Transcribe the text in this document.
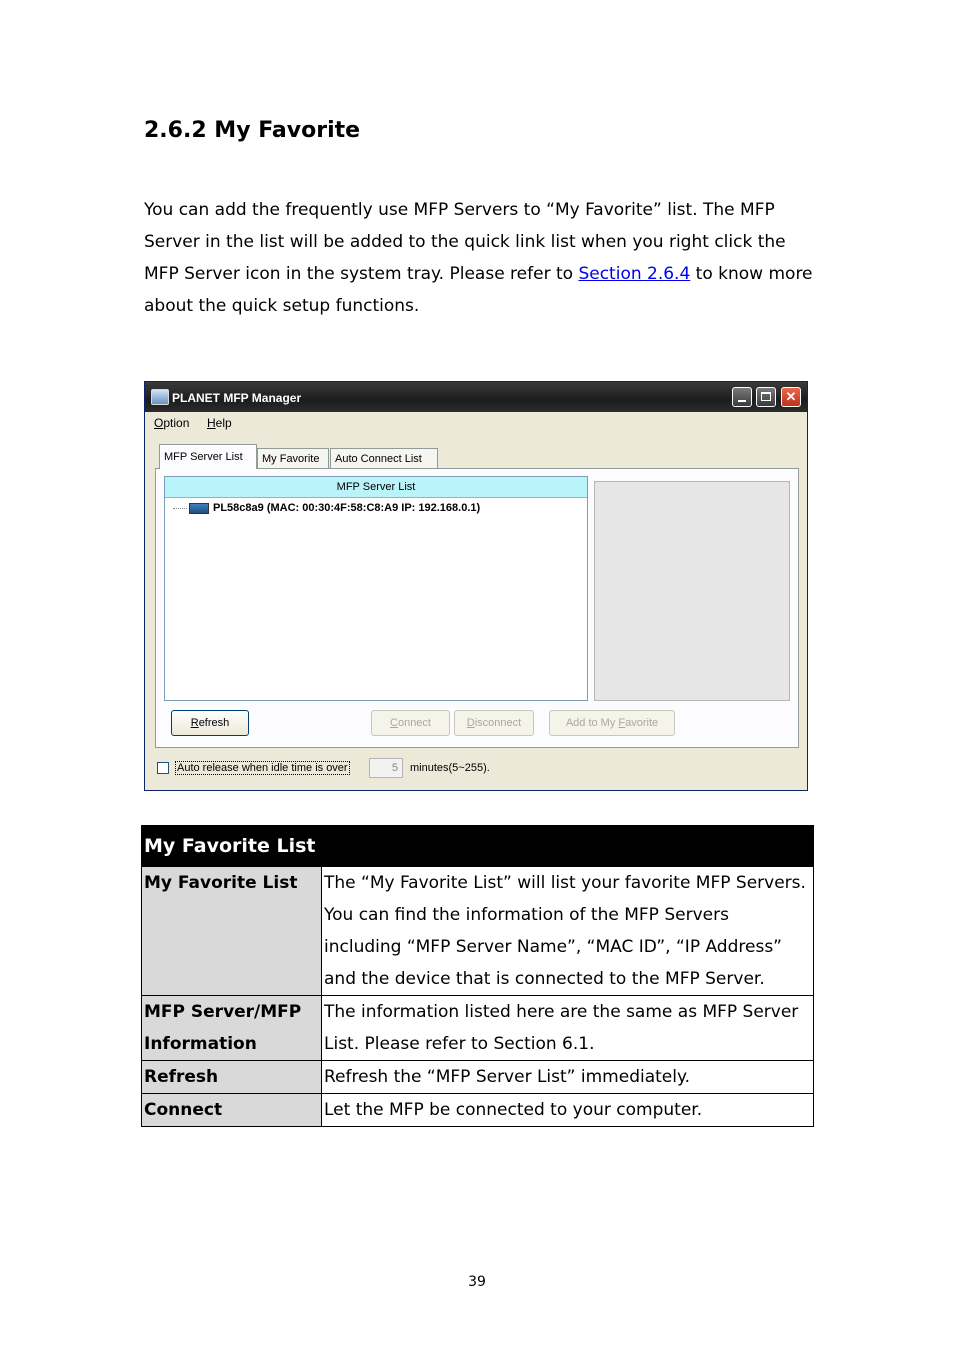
2.6.2 My Favorite
You can add the frequently use MFP Servers to “My Favorite” list. The MFP Server in the list will be added to the quick link list when you right click the MFP Server icon in the system tray. Please refer to Section 2.6.4 to know more about the quick setup functions.
PLANET MFP Manager	✕
Option Help
MFP Server List	My Favorite	Auto Connect List
MFP Server List
PL58c8a9 (MAC: 00:30:4F:58:C8:A9 IP: 192.168.0.1)
Refresh	Connect	Disconnect	Add to My Favorite
Auto release when idle time is over	5	minutes(5~255).
My Favorite List	
My Favorite List	The “My Favorite List” will list your favorite MFP Servers. You can find the information of the MFP Servers including “MFP Server Name”, “MAC ID”, “IP Address” and the device that is connected to the MFP Server.
MFP Server/MFP Information	The information listed here are the same as MFP Server List. Please refer to Section 6.1.
Refresh	Refresh the “MFP Server List” immediately.
Connect	Let the MFP be connected to your computer.
39
